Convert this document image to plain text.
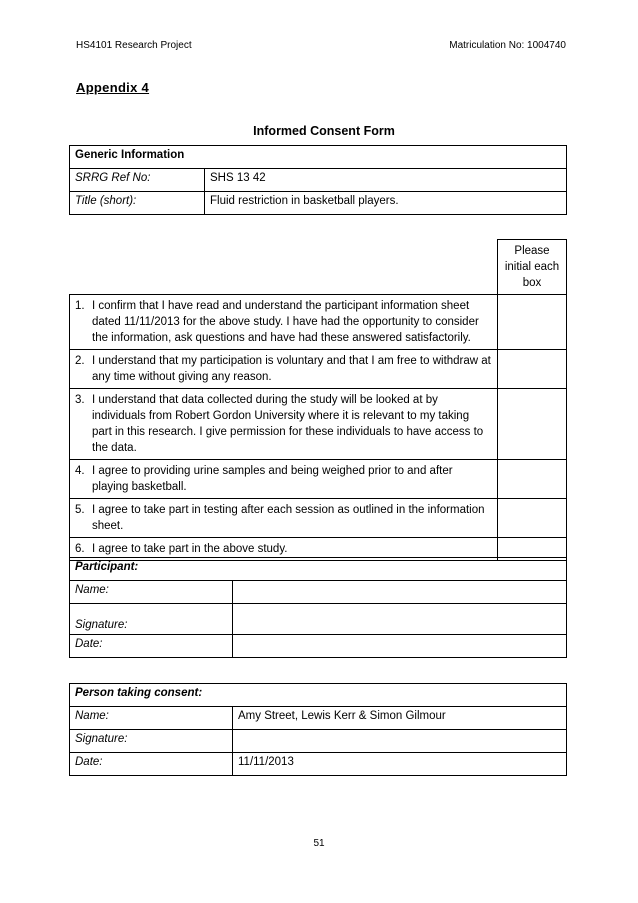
HS4101 Research Project	Matriculation No: 1004740
Appendix 4
Informed Consent Form
Generic Information	
SRRG Ref No:	SHS 13 42
Title (short):	Fluid restriction in basketball players.
	Please initial each box

1. I confirm that I have read and understand the participant information sheet dated 11/11/2013 for the above study. I have had the opportunity to consider the information, ask questions and have had these answered satisfactorily.	

2. I understand that my participation is voluntary and that I am free to withdraw at any time without giving any reason.	

3. I understand that data collected during the study will be looked at by individuals from Robert Gordon University where it is relevant to my taking part in this research. I give permission for these individuals to have access to the data.	

4. I agree to providing urine samples and being weighed prior to and after playing basketball.	

5. I agree to take part in testing after each session as outlined in the information sheet.	

6. I agree to take part in the above study.	

Participant:	
Name:	
Signature:	
Date:	
Person taking consent:	
Name:	Amy Street, Lewis Kerr & Simon Gilmour
Signature:	
Date:	11/11/2013
51
